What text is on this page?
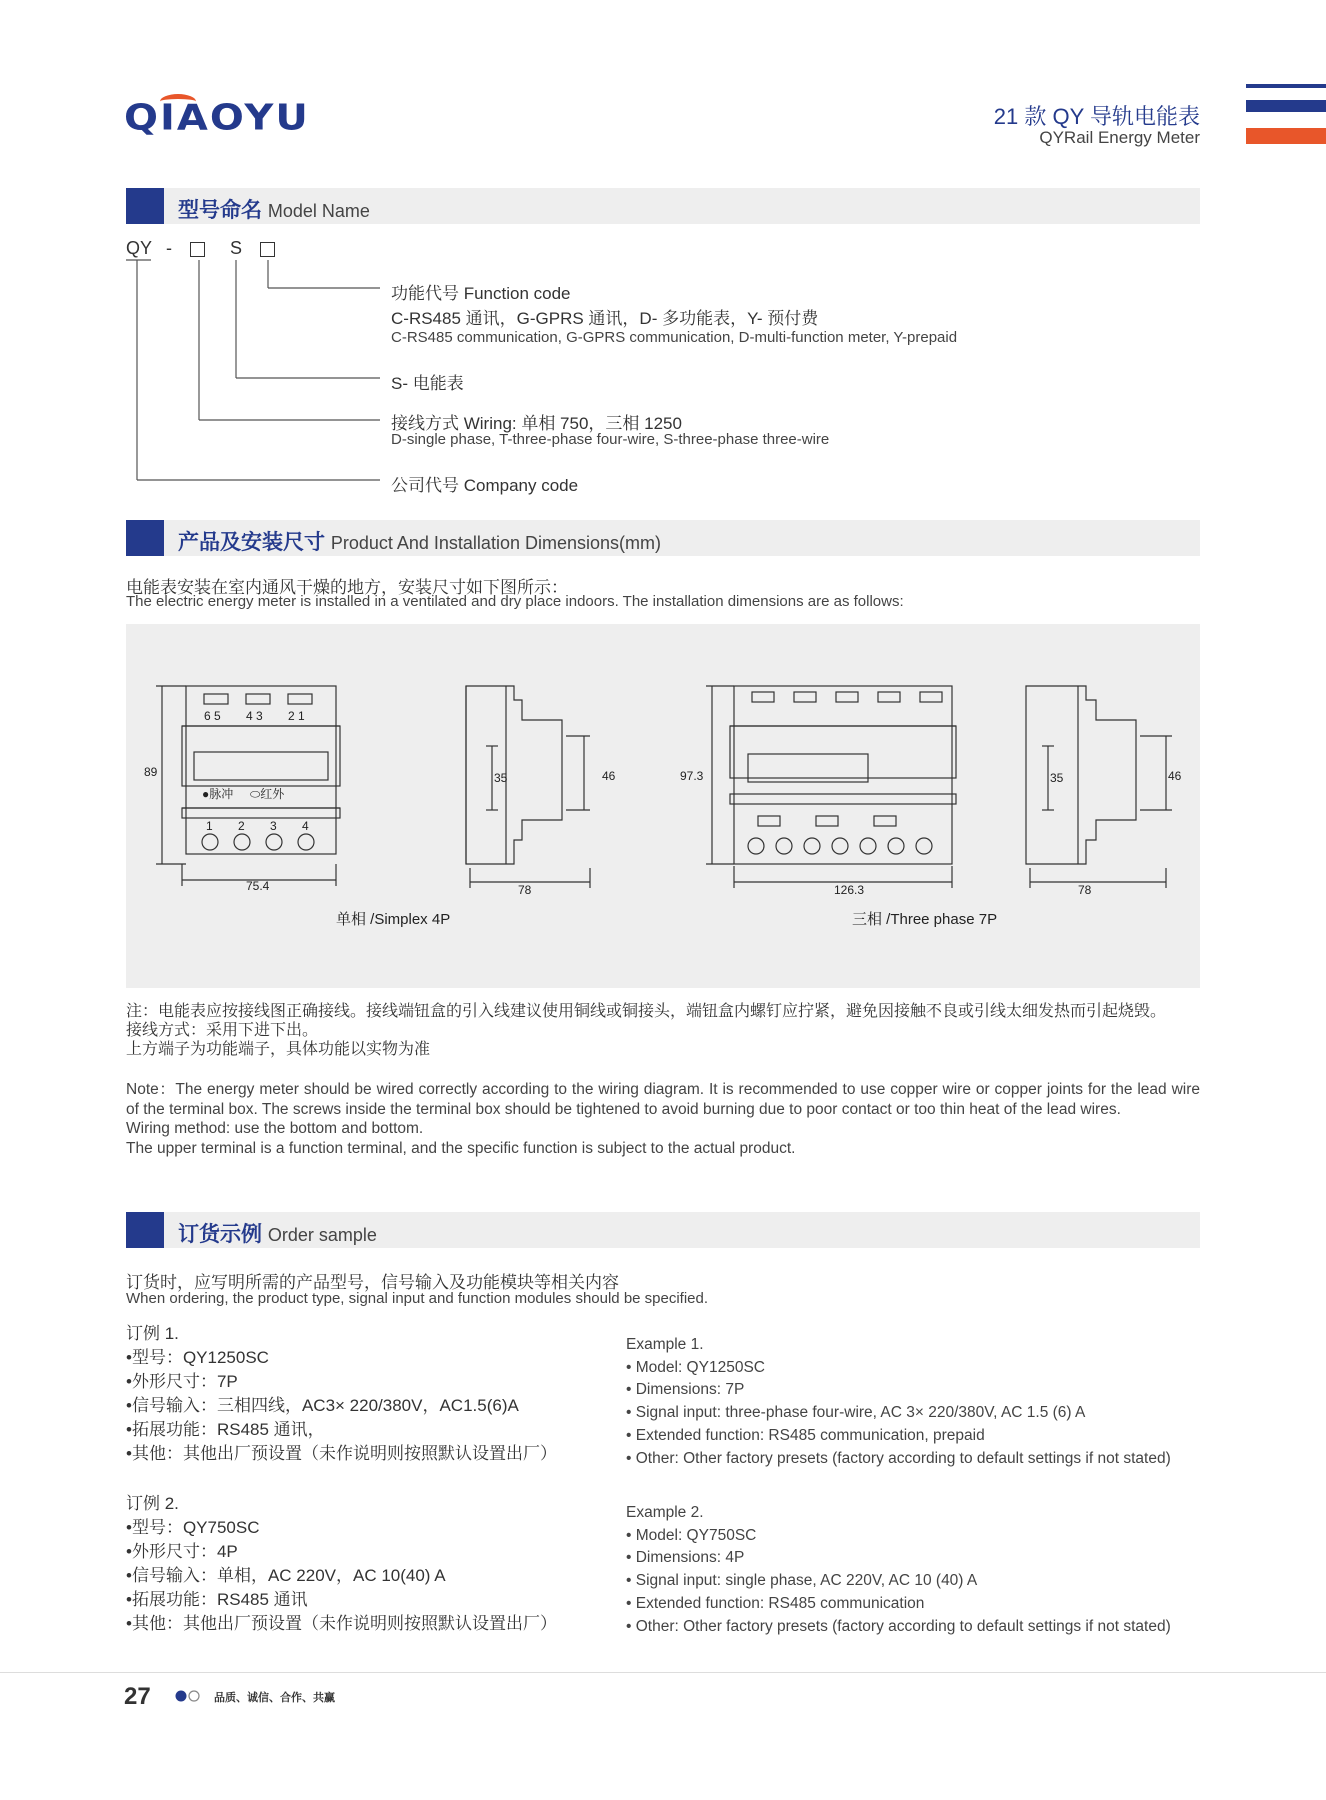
QIAOYU	21 款 QY 导轨电能表
QYRail Energy Meter
型号命名 Model Name
QY -	S
功能代号 Function code
C-RS485 通讯，G-GPRS 通讯，D- 多功能表，Y- 预付费
C-RS485 communication, G-GPRS communication, D-multi-function meter, Y-prepaid
S- 电能表
接线方式 Wiring: 单相 750，三相 1250
D-single phase, T-three-phase four-wire, S-three-phase three-wire
公司代号 Company code
产品及安装尺寸 Product And Installation Dimensions(mm)
电能表安装在室内通风干燥的地方，安装尺寸如下图所示：
The electric energy meter is installed in a ventilated and dry place indoors. The installation dimensions are as follows:
6 5 4 3 2 1
●脉冲 ⬭红外
1 2 3 4
89
75.4
35	46
78
单相 /Simplex 4P
97.3
126.3
35	46
78
三相 /Three phase 7P
注：电能表应按接线图正确接线。接线端钮盒的引入线建议使用铜线或铜接头，端钮盒内螺钉应拧紧，避免因接触不良或引线太细发热而引起烧毁。
接线方式：采用下进下出。
上方端子为功能端子，具体功能以实物为准
Note：The energy meter should be wired correctly according to the wiring diagram. It is recommended to use copper wire or copper joints for the lead wire of the terminal box. The screws inside the terminal box should be tightened to avoid burning due to poor contact or too thin heat of the lead wires.
Wiring method: use the bottom and bottom.
The upper terminal is a function terminal, and the specific function is subject to the actual product.
订货示例 Order sample
订货时，应写明所需的产品型号，信号输入及功能模块等相关内容
When ordering, the product type, signal input and function modules should be specified.
订例 1.
•型号：QY1250SC
•外形尺寸：7P
•信号输入：三相四线，AC3× 220/380V，AC1.5(6)A
•拓展功能：RS485 通讯，
•其他：其他出厂预设置（未作说明则按照默认设置出厂）
Example 1.
• Model: QY1250SC
• Dimensions: 7P
• Signal input: three-phase four-wire, AC 3× 220/380V, AC 1.5 (6) A
• Extended function: RS485 communication, prepaid
• Other: Other factory presets (factory according to default settings if not stated)
订例 2.
•型号：QY750SC
•外形尺寸：4P
•信号输入：单相，AC 220V，AC 10(40) A
•拓展功能：RS485 通讯
•其他：其他出厂预设置（未作说明则按照默认设置出厂）
Example 2.
• Model: QY750SC
• Dimensions: 4P
• Signal input: single phase, AC 220V, AC 10 (40) A
• Extended function: RS485 communication
• Other: Other factory presets (factory according to default settings if not stated)
27	品质、诚信、合作、共赢
